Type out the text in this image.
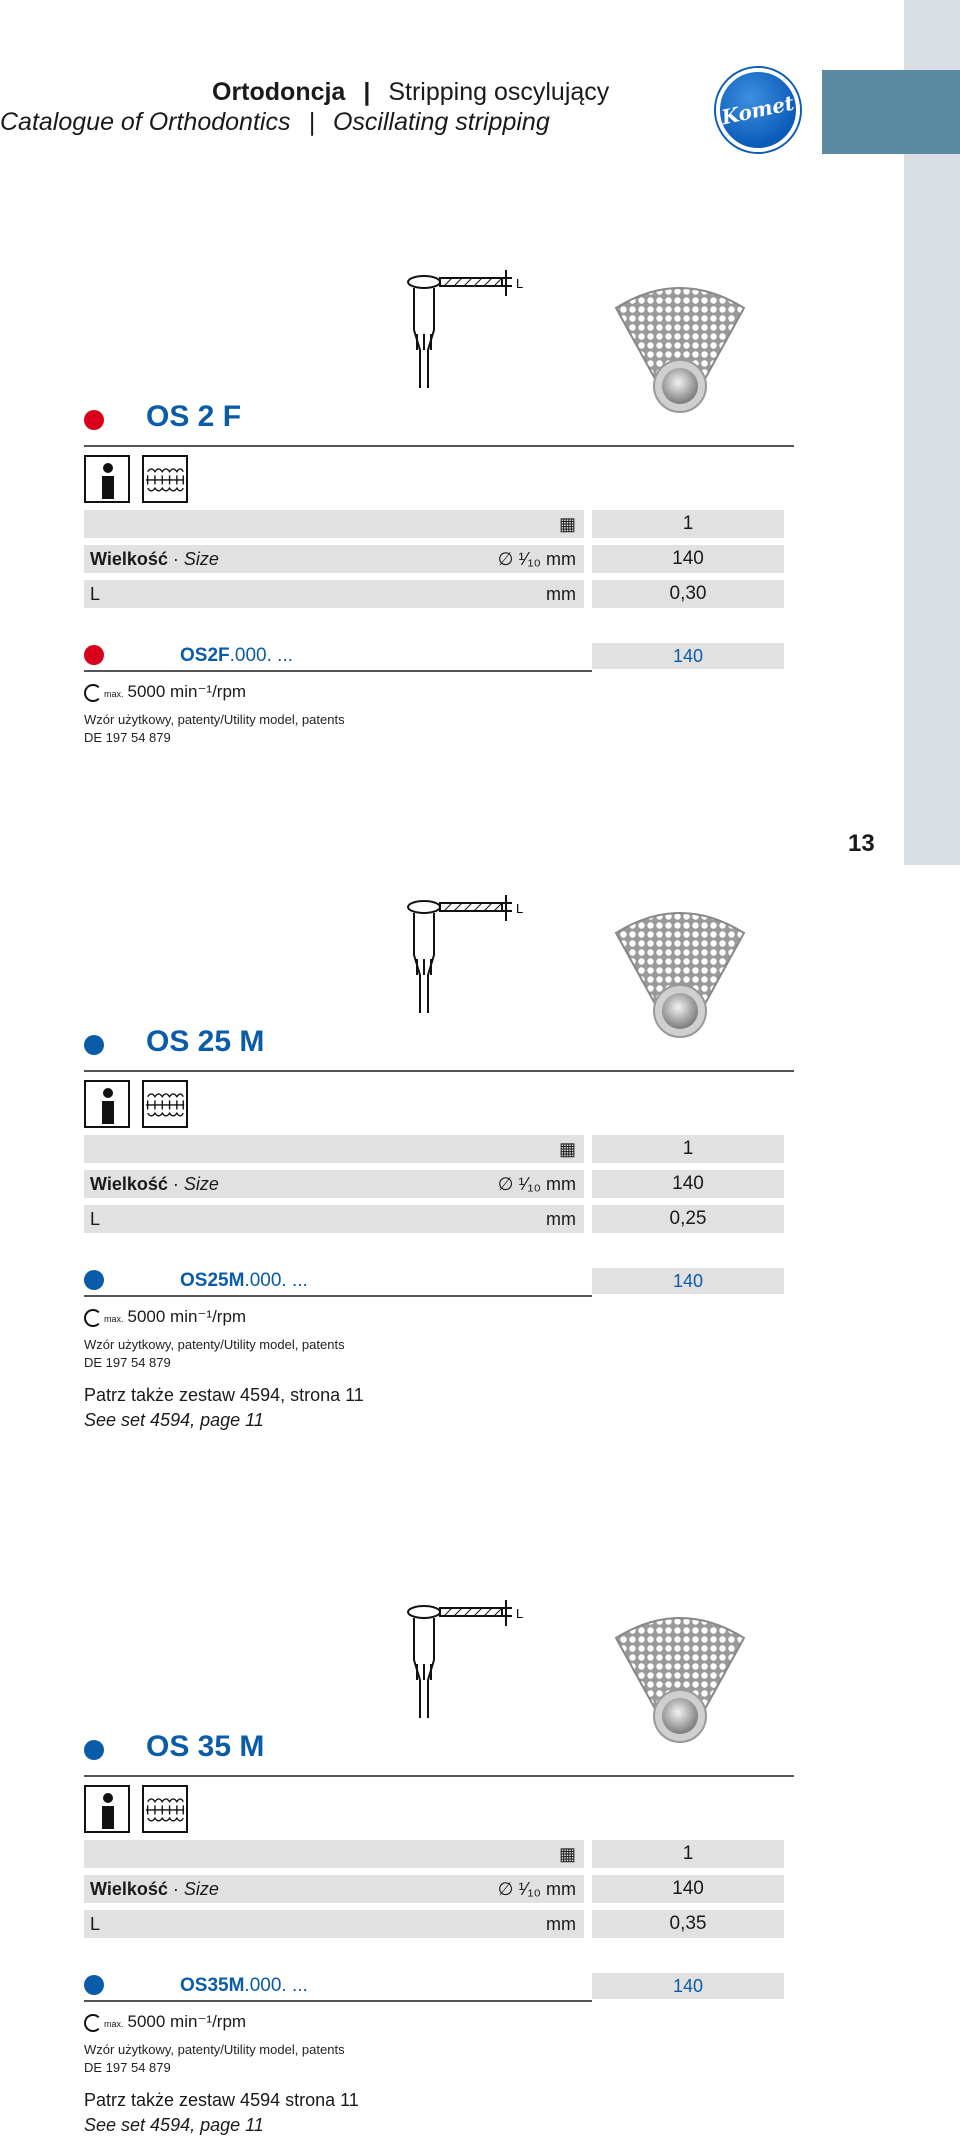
Komet
13
Ortodoncja | Stripping oscylujący
Catalogue of Orthodontics | Oscillating stripping
L
OS 2 F
▦	1
Wielkość · Size	∅ ¹⁄₁₀ mm	140
L	mm	0,30
OS2F.000. ...	140
max. 5000 min⁻¹/rpm
Wzór użytkowy, patenty/Utility model, patents
DE 197 54 879
L
OS 25 M
▦	1
Wielkość · Size	∅ ¹⁄₁₀ mm	140
L	mm	0,25
OS25M.000. ...	140
max. 5000 min⁻¹/rpm
Wzór użytkowy, patenty/Utility model, patents
DE 197 54 879
Patrz także zestaw 4594, strona 11
See set 4594, page 11
L
OS 35 M
▦	1
Wielkość · Size	∅ ¹⁄₁₀ mm	140
L	mm	0,35
OS35M.000. ...	140
max. 5000 min⁻¹/rpm
Wzór użytkowy, patenty/Utility model, patents
DE 197 54 879
Patrz także zestaw 4594 strona 11
See set 4594, page 11
